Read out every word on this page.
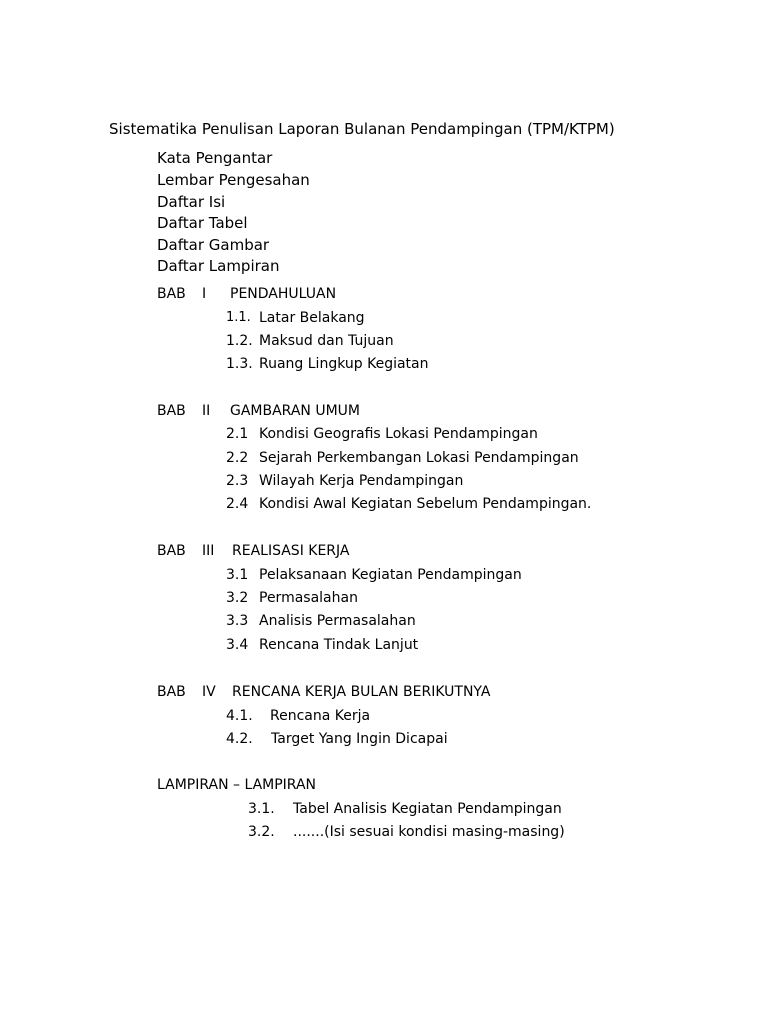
Sistematika Penulisan Laporan Bulanan Pendampingan (TPM/KTPM)
Kata Pengantar
Lembar Pengesahan
Daftar Isi
Daftar Tabel
Daftar Gambar
Daftar Lampiran
BAB I PENDAHULUAN
1.1. Latar Belakang
1.2. Maksud dan Tujuan
1.3. Ruang Lingkup Kegiatan
BAB II GAMBARAN UMUM
2.1 Kondisi Geografis Lokasi Pendampingan
2.2 Sejarah Perkembangan Lokasi Pendampingan
2.3 Wilayah Kerja Pendampingan
2.4 Kondisi Awal Kegiatan Sebelum Pendampingan.
BAB III REALISASI KERJA
3.1 Pelaksanaan Kegiatan Pendampingan
3.2 Permasalahan
3.3 Analisis Permasalahan
3.4 Rencana Tindak Lanjut
BAB IV RENCANA KERJA BULAN BERIKUTNYA
4.1. Rencana Kerja
4.2. Target Yang Ingin Dicapai
LAMPIRAN – LAMPIRAN
3.1. Tabel Analisis Kegiatan Pendampingan
3.2. .......(Isi sesuai kondisi masing-masing)
